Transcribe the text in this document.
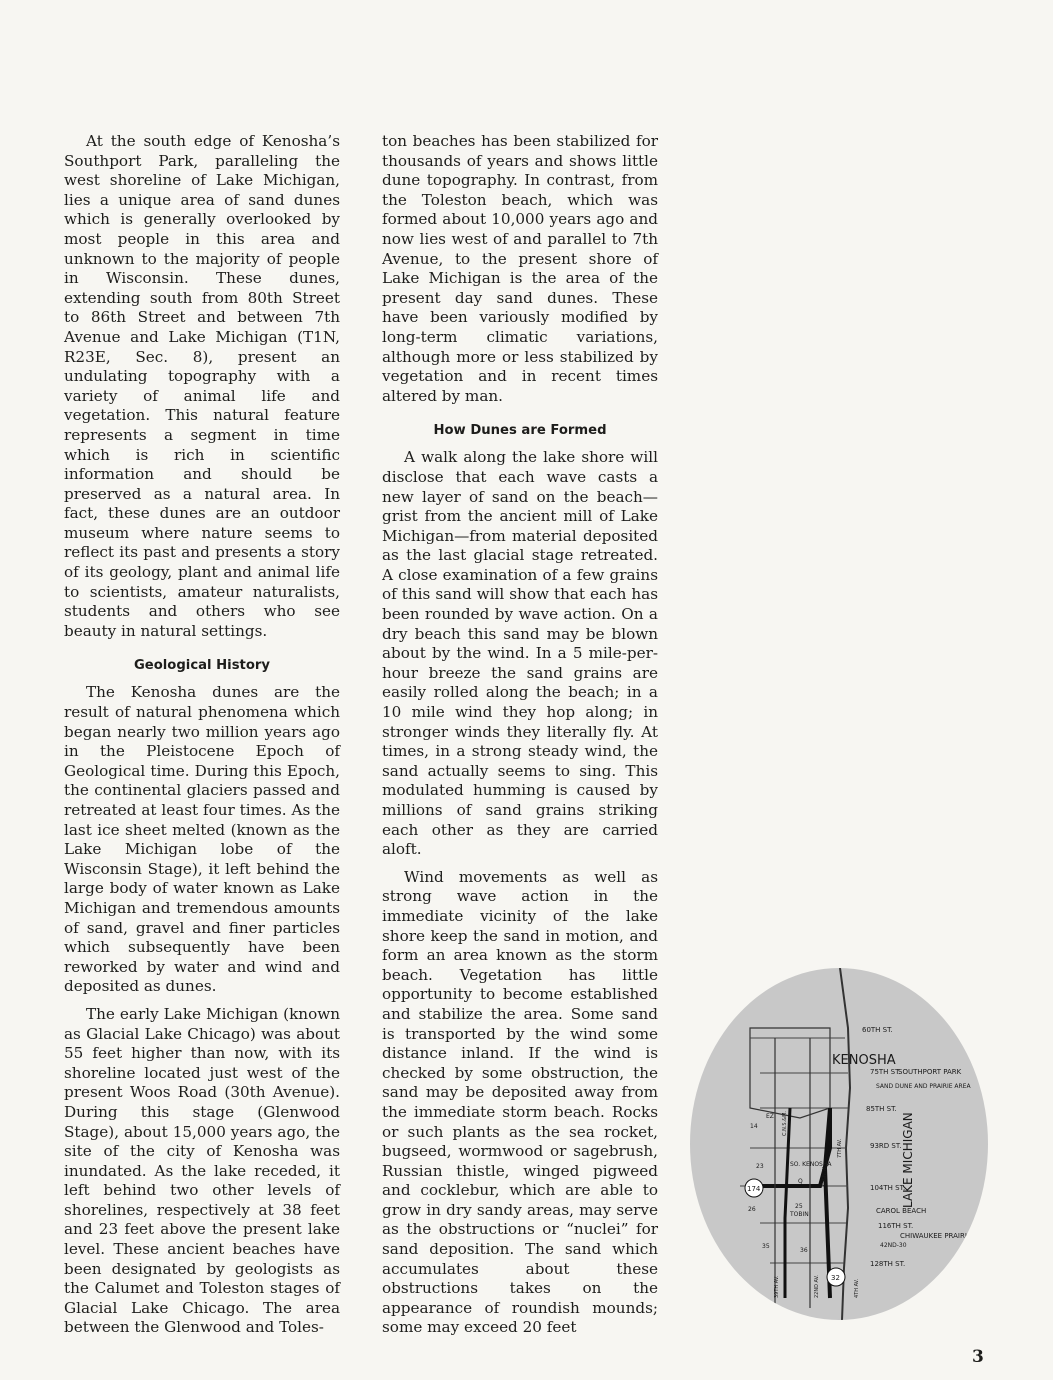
At the south edge of Kenosha’s Southport Park, paralleling the west shoreline of Lake Michigan, lies a unique area of sand dunes which is generally overlooked by most people in this area and unknown to the majority of people in Wisconsin. These dunes, extending south from 80th Street to 86th Street and between 7th Avenue and Lake Michigan (T1N, R23E, Sec. 8), present an undulating topography with a variety of animal life and vegetation. This natural feature represents a segment in time which is rich in scientific information and should be preserved as a natural area. In fact, these dunes are an outdoor museum where nature seems to reflect its past and presents a story of its geology, plant and animal life to scientists, amateur naturalists, students and others who see beauty in natural settings.

Geological History

The Kenosha dunes are the result of natural phenomena which began nearly two million years ago in the Pleistocene Epoch of Geological time. During this Epoch, the continental glaciers passed and retreated at least four times. As the last ice sheet melted (known as the Lake Michigan lobe of the Wisconsin Stage), it left behind the large body of water known as Lake Michigan and tremendous amounts of sand, gravel and finer particles which subsequently have been reworked by water and wind and deposited as dunes.

The early Lake Michigan (known as Glacial Lake Chicago) was about 55 feet higher than now, with its shoreline located just west of the present Woos Road (30th Avenue). During this stage (Glenwood Stage), about 15,000 years ago, the site of the city of Kenosha was inundated. As the lake receded, it left behind two other levels of shorelines, respectively at 38 feet and 23 feet above the present lake level. These ancient beaches have been designated by geologists as the Calumet and Toleston stages of Glacial Lake Chicago. The area between the Glenwood and Toles-

ton beaches has been stabilized for thousands of years and shows little dune topography. In contrast, from the Toleston beach, which was formed about 10,000 years ago and now lies west of and parallel to 7th Avenue, to the present shore of Lake Michigan is the area of the present day sand dunes. These have been variously modified by long-term climatic variations, although more or less stabilized by vegetation and in recent times altered by man.

How Dunes are Formed

A walk along the lake shore will disclose that each wave casts a new layer of sand on the beach—grist from the ancient mill of Lake Michigan—from material deposited as the last glacial stage retreated. A close examination of a few grains of this sand will show that each has been rounded by wave action. On a dry beach this sand may be blown about by the wind. In a 5 mile-per-hour breeze the sand grains are easily rolled along the beach; in a 10 mile wind they hop along; in stronger winds they literally fly. At times, in a strong steady wind, the sand actually seems to sing. This modulated humming is caused by millions of sand grains striking each other as they are carried aloft.

Wind movements as well as strong wave action in the immediate vicinity of the lake shore keep the sand in motion, and form an area known as the storm beach. Vegetation has little opportunity to become established and stabilize the area. Some sand is transported by the wind some distance inland. If the wind is checked by some obstruction, the sand may be deposited away from the immediate storm beach. Rocks or such plants as the sea rocket, bugseed, wormwood or sagebrush, Russian thistle, winged pigweed and cocklebur, which are able to grow in dry sandy areas, may serve as the obstructions or “nuclei” for sand deposition. The sand which accumulates about these obstructions takes on the appearance of roundish mounds; some may exceed 20 feet

KENOSHA
60TH ST.
75TH ST.
85TH ST.
93RD ST.
104TH ST.
116TH ST.
128TH ST.
SOUTHPORT PARK
SAND DUNE AND PRAIRIE AREA
CAROL BEACH
CHIWAUKEE PRAIRIE
SO. KENOSHA
TOBIN
LAKE MICHIGAN
174
32
14
23
26	25
35
36
39TH AV.	22ND AV.	4TH AV.
7TH AV.
C.N.S.&M.
C.&N.W.
EZ
Q
42ND-30
3
